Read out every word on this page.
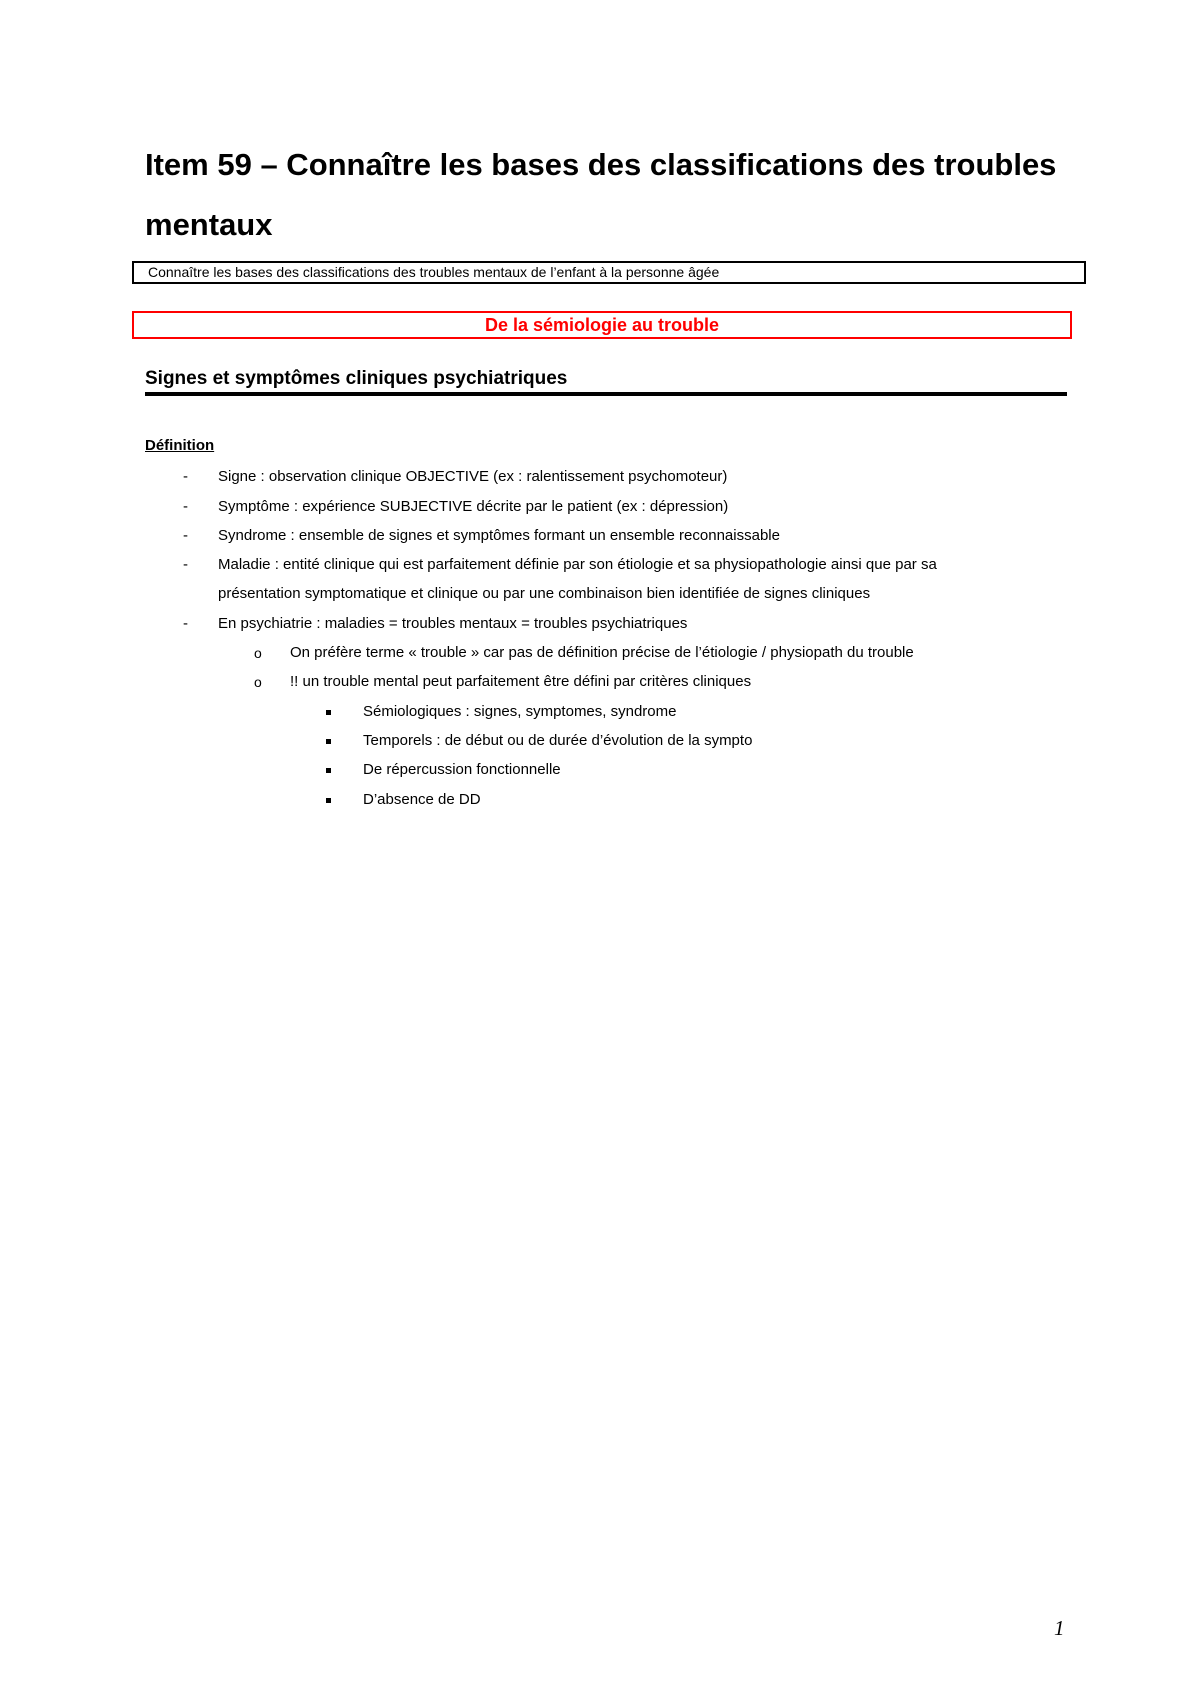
Item 59 – Connaître les bases des classifications des troubles mentaux
Connaître les bases des classifications des troubles mentaux de l’enfant à la personne âgée
De la sémiologie au trouble
Signes et symptômes cliniques psychiatriques
Définition
- Signe : observation clinique OBJECTIVE (ex : ralentissement psychomoteur)
- Symptôme : expérience SUBJECTIVE décrite par le patient (ex : dépression)
- Syndrome : ensemble de signes et symptômes formant un ensemble reconnaissable
- Maladie : entité clinique qui est parfaitement définie par son étiologie et sa physiopathologie ainsi que par sa
présentation symptomatique et clinique ou par une combinaison bien identifiée de signes cliniques
- En psychiatrie : maladies = troubles mentaux = troubles psychiatriques
o On préfère terme « trouble » car pas de définition précise de l’étiologie / physiopath du trouble
o !! un trouble mental peut parfaitement être défini par critères cliniques
Sémiologiques : signes, symptomes, syndrome
Temporels : de début ou de durée d’évolution de la sympto
De répercussion fonctionnelle
D’absence de DD
1
